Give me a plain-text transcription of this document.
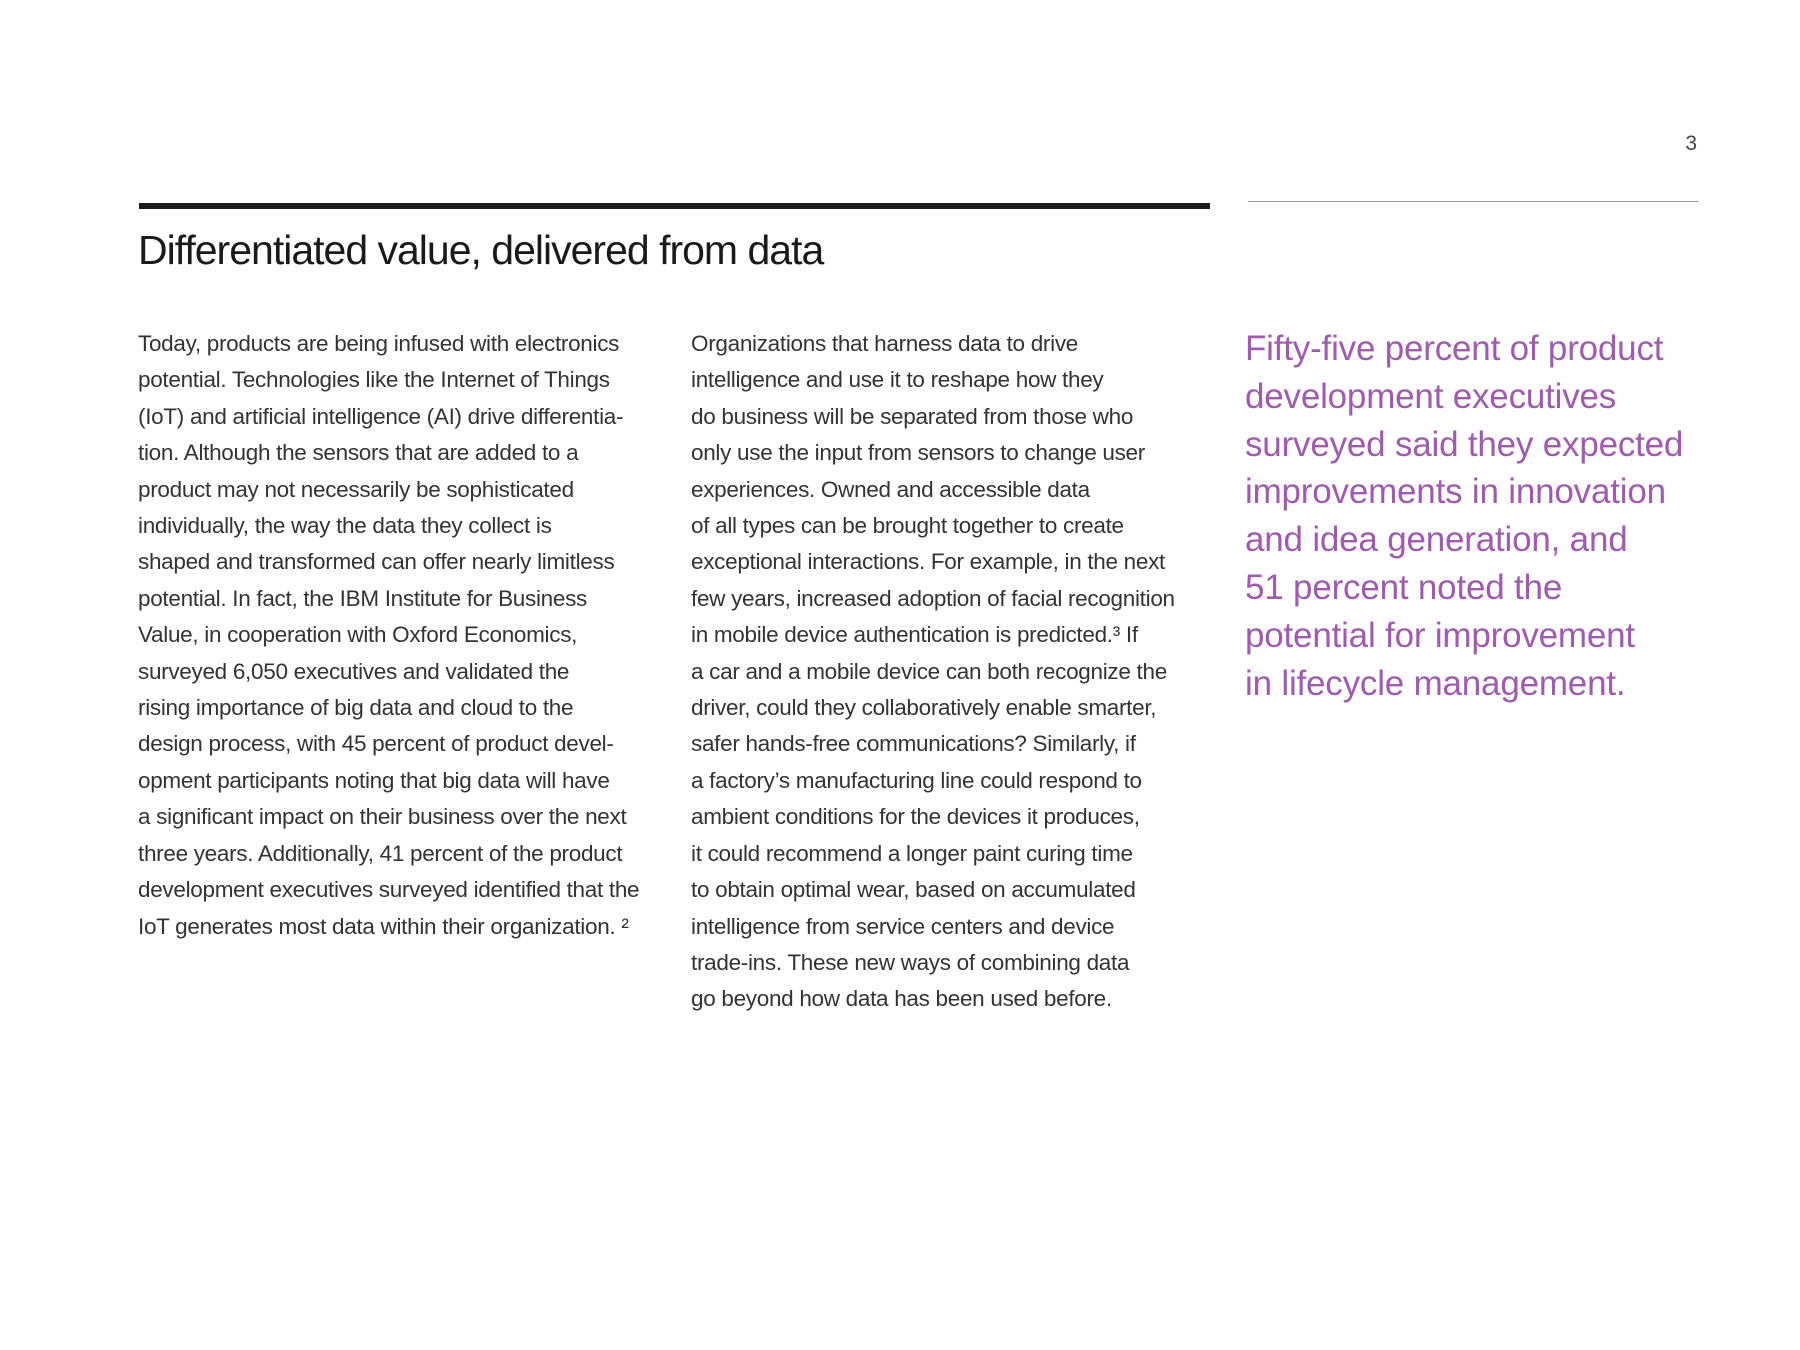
3
Differentiated value, delivered from data

Today, products are being infused with electronics
potential. Technologies like the Internet of Things
(IoT) and artificial intelligence (AI) drive differentia-
tion. Although the sensors that are added to a
product may not necessarily be sophisticated
individually, the way the data they collect is
shaped and transformed can offer nearly limitless
potential. In fact, the IBM Institute for Business
Value, in cooperation with Oxford Economics,
surveyed 6,050 executives and validated the
rising importance of big data and cloud to the
design process, with 45 percent of product devel-
opment participants noting that big data will have
a significant impact on their business over the next
three years. Additionally, 41 percent of the product
development executives surveyed identified that the
IoT generates most data within their organization. ²

Organizations that harness data to drive
intelligence and use it to reshape how they
do business will be separated from those who
only use the input from sensors to change user
experiences. Owned and accessible data
of all types can be brought together to create
exceptional interactions. For example, in the next
few years, increased adoption of facial recognition
in mobile device authentication is predicted.³ If
a car and a mobile device can both recognize the
driver, could they collaboratively enable smarter,
safer hands-free communications? Similarly, if
a factory’s manufacturing line could respond to
ambient conditions for the devices it produces,
it could recommend a longer paint curing time
to obtain optimal wear, based on accumulated
intelligence from service centers and device
trade-ins. These new ways of combining data
go beyond how data has been used before.

Fifty-five percent of product
development executives
surveyed said they expected
improvements in innovation
and idea generation, and
51 percent noted the
potential for improvement
in lifecycle management.
